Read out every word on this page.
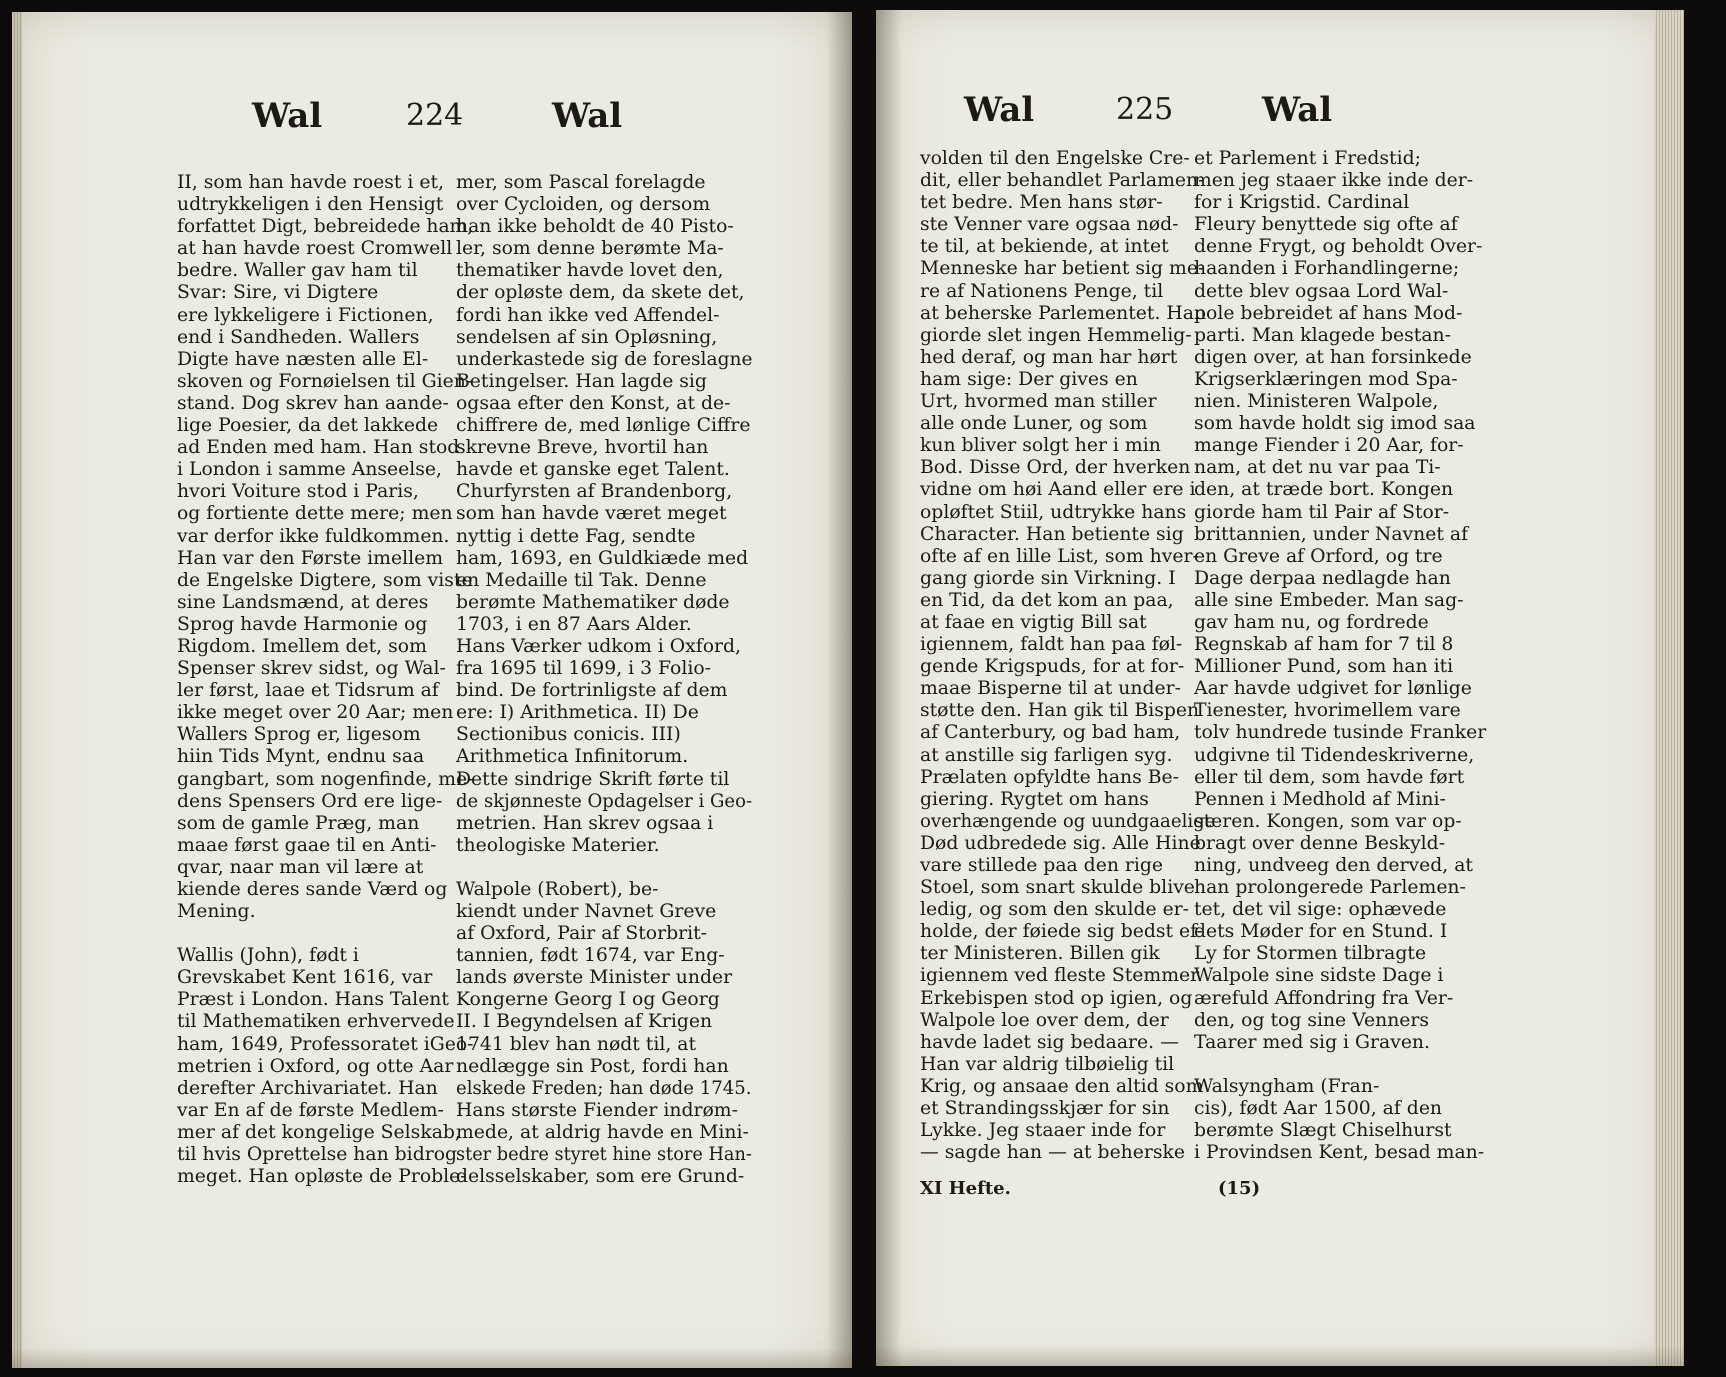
Wal	224	Wal
II, som han havde roest i et,
udtrykkeligen i den Hensigt
forfattet Digt, bebreidede ham,
at han havde roest Cromwell
bedre. Waller gav ham til
Svar: Sire, vi Digtere
ere lykkeligere i Fictionen,
end i Sandheden. Wallers
Digte have næsten alle El-
skoven og Fornøielsen til Gien-
stand. Dog skrev han aande-
lige Poesier, da det lakkede
ad Enden med ham. Han stod
i London i samme Anseelse,
hvori Voiture stod i Paris,
og fortiente dette mere; men
var derfor ikke fuldkommen.
Han var den Første imellem
de Engelske Digtere, som viste
sine Landsmænd, at deres
Sprog havde Harmonie og
Rigdom. Imellem det, som
Spenser skrev sidst, og Wal-
ler først, laae et Tidsrum af
ikke meget over 20 Aar; men
Wallers Sprog er, ligesom
hiin Tids Mynt, endnu saa
gangbart, som nogenfinde, me-
dens Spensers Ord ere lige-
som de gamle Præg, man
maae først gaae til en Anti-
qvar, naar man vil lære at
kiende deres sande Værd og
Mening.
Wallis (John), født i
Grevskabet Kent 1616, var
Præst i London. Hans Talent
til Mathematiken erhvervede
ham, 1649, Professoratet iGeo-
metrien i Oxford, og otte Aar
derefter Archivariatet. Han
var En af de første Medlem-
mer af det kongelige Selskab,
til hvis Oprettelse han bidrog
meget. Han opløste de Proble-
mer, som Pascal forelagde
over Cycloiden, og dersom
han ikke beholdt de 40 Pisto-
ler, som denne berømte Ma-
thematiker havde lovet den,
der opløste dem, da skete det,
fordi han ikke ved Affendel-
sendelsen af sin Opløsning,
underkastede sig de foreslagne
Betingelser. Han lagde sig
ogsaa efter den Konst, at de-
chiffrere de, med lønlige Ciffre
skrevne Breve, hvortil han
havde et ganske eget Talent.
Churfyrsten af Brandenborg,
som han havde været meget
nyttig i dette Fag, sendte
ham, 1693, en Guldkiæde med
en Medaille til Tak. Denne
berømte Mathematiker døde
1703, i en 87 Aars Alder.
Hans Værker udkom i Oxford,
fra 1695 til 1699, i 3 Folio-
bind. De fortrinligste af dem
ere: I) Arithmetica. II) De
Sectionibus conicis. III)
Arithmetica Infinitorum.
Dette sindrige Skrift førte til
de skjønneste Opdagelser i Geo-
metrien. Han skrev ogsaa i
theologiske Materier.
Walpole (Robert), be-
kiendt under Navnet Greve
af Oxford, Pair af Storbrit-
tannien, født 1674, var Eng-
lands øverste Minister under
Kongerne Georg I og Georg
II. I Begyndelsen af Krigen
1741 blev han nødt til, at
nedlægge sin Post, fordi han
elskede Freden; han døde 1745.
Hans største Fiender indrøm-
mede, at aldrig havde en Mini-
ster bedre styret hine store Han-
delsselskaber, som ere Grund-
Wal	225	Wal
volden til den Engelske Cre-
dit, eller behandlet Parlamen-
tet bedre. Men hans stør-
ste Venner vare ogsaa nød-
te til, at bekiende, at intet
Menneske har betient sig me-
re af Nationens Penge, til
at beherske Parlementet. Han
giorde slet ingen Hemmelig-
hed deraf, og man har hørt
ham sige: Der gives en
Urt, hvormed man stiller
alle onde Luner, og som
kun bliver solgt her i min
Bod. Disse Ord, der hverken
vidne om høi Aand eller ere i
opløftet Stiil, udtrykke hans
Character. Han betiente sig
ofte af en lille List, som hver-
gang giorde sin Virkning. I
en Tid, da det kom an paa,
at faae en vigtig Bill sat
igiennem, faldt han paa føl-
gende Krigspuds, for at for-
maae Bisperne til at under-
støtte den. Han gik til Bispen
af Canterbury, og bad ham,
at anstille sig farligen syg.
Prælaten opfyldte hans Be-
giering. Rygtet om hans
overhængende og uundgaaelige
Død udbredede sig. Alle Hine
vare stillede paa den rige
Stoel, som snart skulde blive
ledig, og som den skulde er-
holde, der føiede sig bedst ef-
ter Ministeren. Billen gik
igiennem ved fleste Stemmer.
Erkebispen stod op igien, og
Walpole loe over dem, der
havde ladet sig bedaare. —
Han var aldrig tilbøielig til
Krig, og ansaae den altid som
et Strandingsskjær for sin
Lykke. Jeg staaer inde for
— sagde han — at beherske
et Parlement i Fredstid;
men jeg staaer ikke inde der-
for i Krigstid. Cardinal
Fleury benyttede sig ofte af
denne Frygt, og beholdt Over-
haanden i Forhandlingerne;
dette blev ogsaa Lord Wal-
pole bebreidet af hans Mod-
parti. Man klagede bestan-
digen over, at han forsinkede
Krigserklæringen mod Spa-
nien. Ministeren Walpole,
som havde holdt sig imod saa
mange Fiender i 20 Aar, for-
nam, at det nu var paa Ti-
den, at træde bort. Kongen
giorde ham til Pair af Stor-
brittannien, under Navnet af
en Greve af Orford, og tre
Dage derpaa nedlagde han
alle sine Embeder. Man sag-
gav ham nu, og fordrede
Regnskab af ham for 7 til 8
Millioner Pund, som han iti
Aar havde udgivet for lønlige
Tienester, hvorimellem vare
tolv hundrede tusinde Franker
udgivne til Tidendeskriverne,
eller til dem, som havde ført
Pennen i Medhold af Mini-
steren. Kongen, som var op-
bragt over denne Beskyld-
ning, undveeg den derved, at
han prolongerede Parlemen-
tet, det vil sige: ophævede
dets Møder for en Stund. I
Ly for Stormen tilbragte
Walpole sine sidste Dage i
ærefuld Affondring fra Ver-
den, og tog sine Venners
Taarer med sig i Graven.
Walsyngham (Fran-
cis), født Aar 1500, af den
berømte Slægt Chiselhurst
i Provindsen Kent, besad man-
XI Hefte.	(15)
